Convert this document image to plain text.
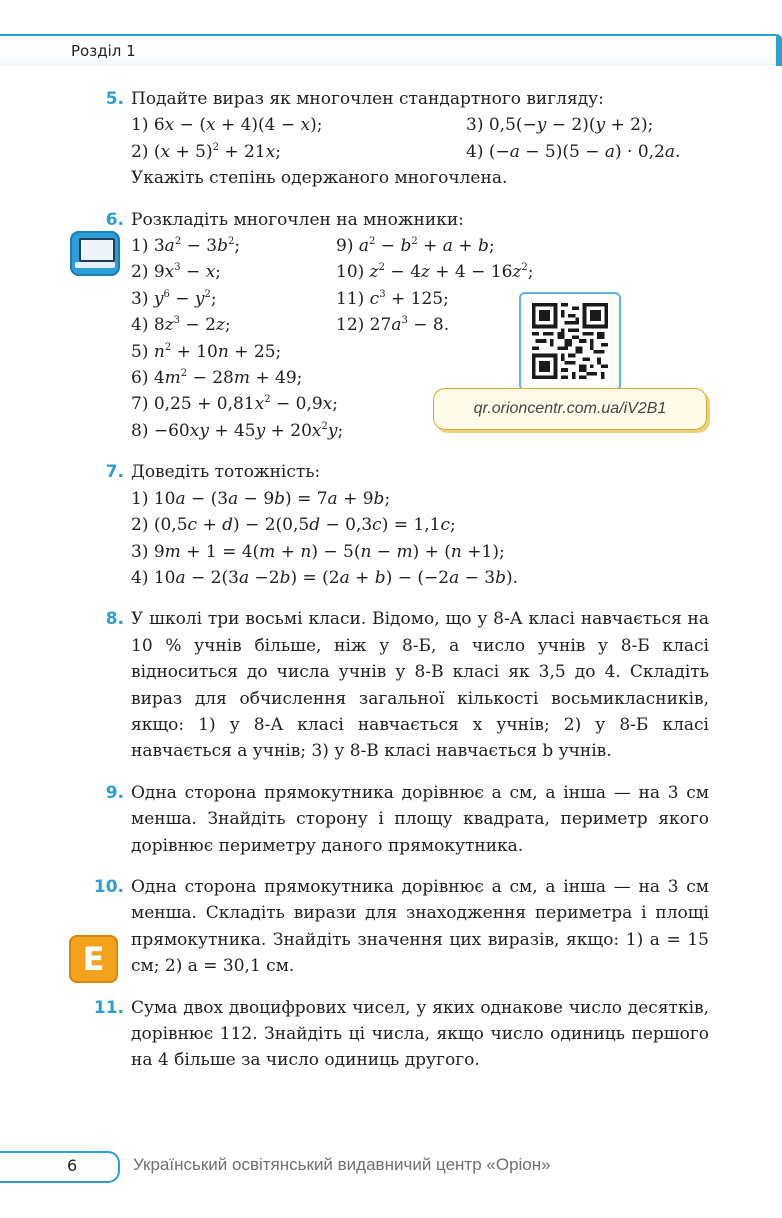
Розділ 1
Е
qr.orioncentr.com.ua/iV2B1
5. Подайте вираз як многочлен стандартного вигляду:
1) 6x − (x + 4)(4 − x);	3) 0,5(−y − 2)(y + 2);
2) $(x + 5)^2 + 21x$;	4) (−a − 5)(5 − a) · 0,2a.
Укажіть степінь одержаного многочлена.
6. Розкладіть многочлен на множники:
1) $3a^2 - 3b^2$;	9) $a^2 - b^2 + a + b$;
2) $9x^3 - x$;	10) $z^2 - 4z + 4 - 16z^2$;
3) $y^6 - y^2$;	11) $c^3 + 125$;
4) $8z^3 - 2z$;	12) $27a^3 - 8$.
5) $n^2 + 10n + 25$;
6) $4m^2 - 28m + 49$;
7) $0,25 + 0,81x^2 - 0,9x$;
$8) -60xy + 45y + 20x^2y$;
7. Доведіть тотожність:
1) 10a − (3a − 9b) = 7a + 9b;
2) (0,5c + d) − 2(0,5d − 0,3c) = 1,1c;
3) 9m + 1 = 4(m + n) − 5(n − m) + (n +1);
4) 10a − 2(3a −2b) = (2a + b) − (−2a − 3b).
8. У школі три восьмі класи. Відомо, що у 8-А класі навчається на 10 % учнів більше, ніж у 8-Б, а число учнів у 8-Б класі відноситься до числа учнів у 8-В класі як 3,5 до 4. Складіть вираз для обчислення загальної кількості восьмикласників, якщо: 1) у 8-А класі навчається x учнів; 2) у 8-Б класі навчається a учнів; 3) у 8-В класі навчається b учнів.
9. Одна сторона прямокутника дорівнює a см, а інша — на 3 см менша. Знайдіть сторону і площу квадрата, периметр якого дорівнює периметру даного прямокутника.
10. Одна сторона прямокутника дорівнює a см, а інша — на 3 см менша. Складіть вирази для знаходження периметра і площі прямокутника. Знайдіть значення цих виразів, якщо: 1) a = 15 см; 2) a = 30,1 см.
11. Сума двох двоцифрових чисел, у яких однакове число десятків, дорівнює 112. Знайдіть ці числа, якщо число одиниць першого на 4 більше за число одиниць другого.
6	Український освітянський видавничий центр «Оріон»
